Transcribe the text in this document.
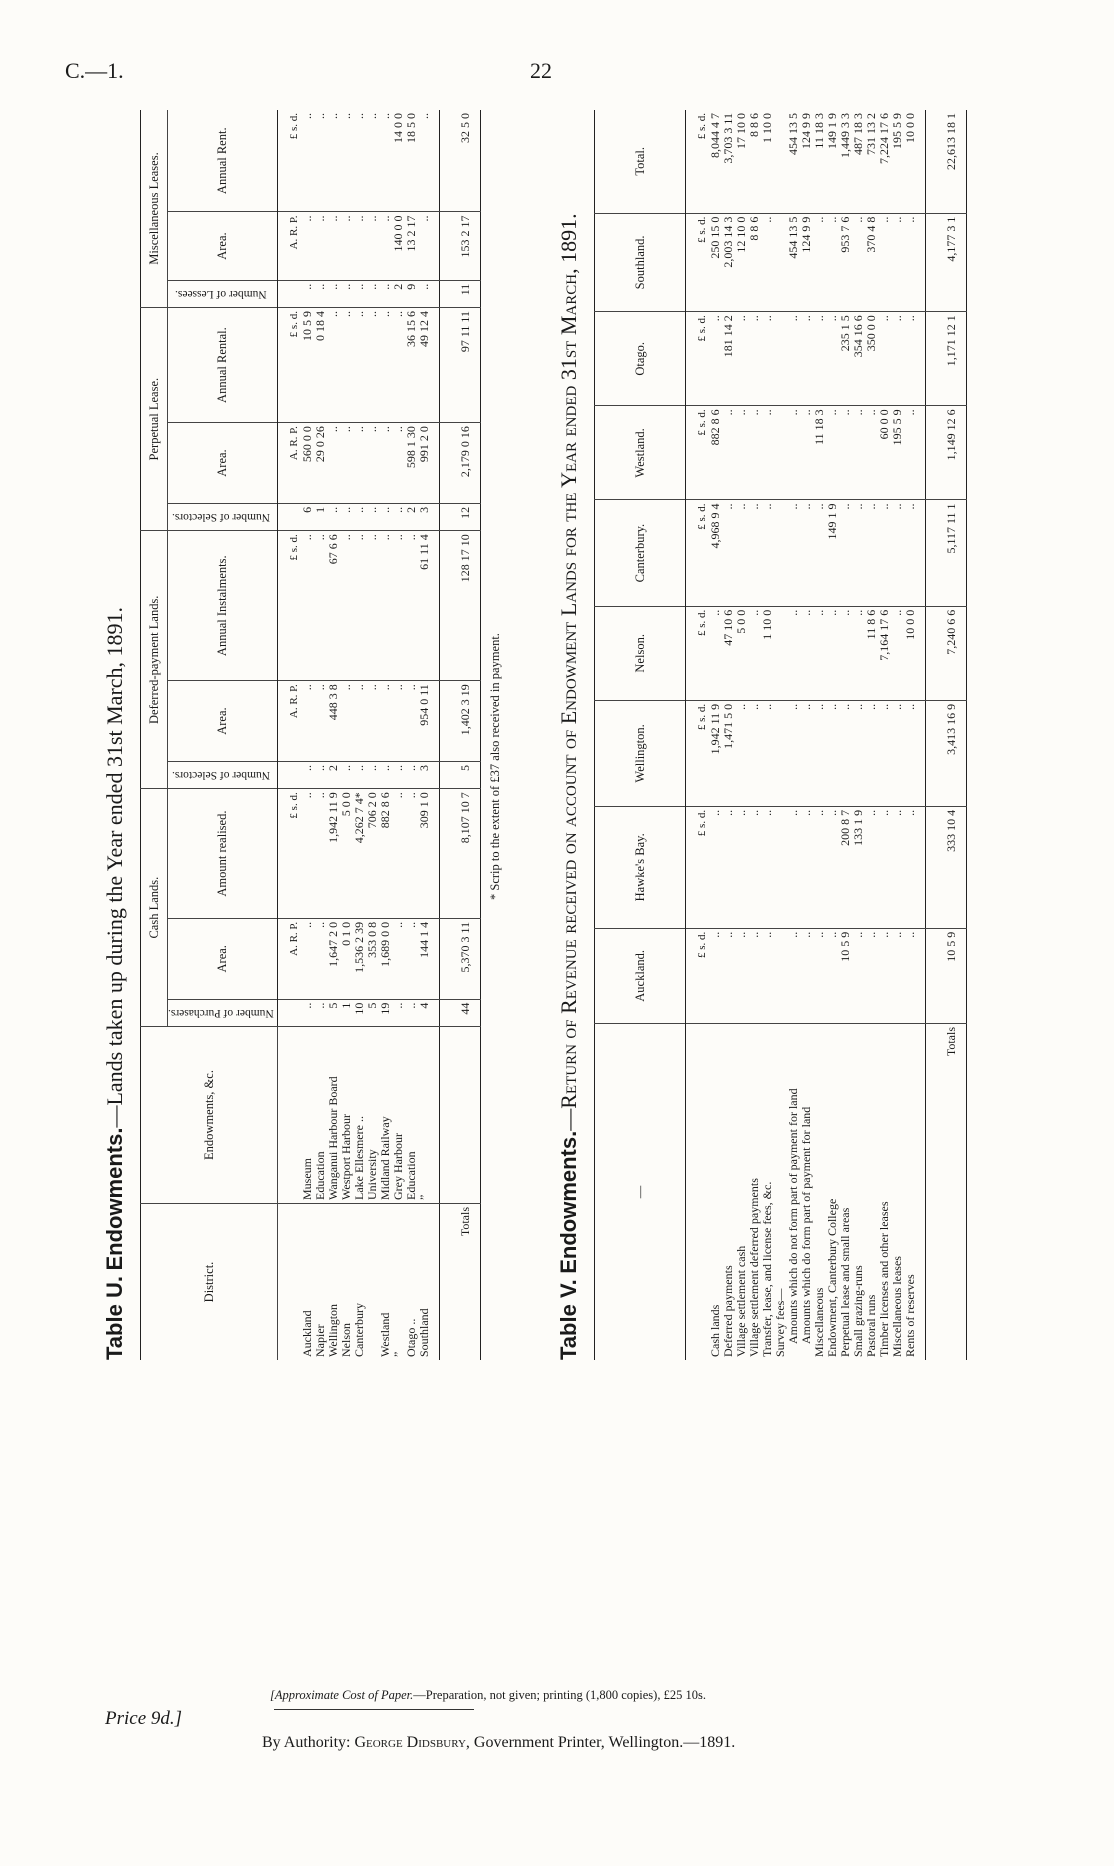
C.—1.	22
Table U. Endowments.—Lands taken up during the Year ended 31st March, 1891.
District.	Endowments, &c.	Cash Lands.			Deferred-payment Lands.			Perpetual Lease.			Miscellaneous Leases.		
		Number of Purchasers.	Area.	Amount realised.	Number of Selectors.	Area.	Annual Instalments.	Number of Selectors.	Area.	Annual Rental.	Number of Lessees.	Area.	Annual Rent.
			A. R. P.	£ s. d.		A. R. P.	£ s. d.		A. R. P.	£ s. d.		A. R. P.	£ s. d.
Auckland	Museum	..	..	..	..	..	..	6	560 0 0	10 5 9	..	..	..
Napier	Education	..	..	..	..	..	..	1	29 0 26	0 18 4	..	..	..
Wellington	Wanganui Harbour Board	5	1,647 2 0	1,942 11 9	2	448 3 8	67 6 6	..	..	..	..	..	..
Nelson	Westport Harbour	1	0 1 0	5 0 0	..	..	..	..	..	..	..	..	..
Canterbury	Lake Ellesmere ..	10	1,536 2 39	4,262 7 4*	..	..	..	..	..	..	..	..	..
	University	5	353 0 8	706 2 0	..	..	..	..	..	..	..	..	..
Westland	Midland Railway	19	1,689 0 0	882 8 6	..	..	..	..	..	..	..	..	..
”	Grey Harbour	..	..	..	..	..	..	..	..	..	2	140 0 0	14 0 0
Otago ..	Education	..	..	..	..	..	..	2	598 1 30	36 15 6	9	13 2 17	18 5 0
Southland	”	4	144 1 4	309 1 0	3	954 0 11	61 11 4	3	991 2 0	49 12 4	..	..	..
Totals		44	5,370 3 11	8,107 10 7	5	1,402 3 19	128 17 10	12	2,179 0 16	97 11 11	11	153 2 17	32 5 0
* Scrip to the extent of £37 also received in payment.
Table V. Endowments.—Return of Revenue received on account of Endowment Lands for the Year ended 31st March, 1891.
—	Auckland.	Hawke's Bay.	Wellington.	Nelson.	Canterbury.	Westland.	Otago.	Southland.	Total.
	£ s. d.	£ s. d.	£ s. d.	£ s. d.	£ s. d.	£ s. d.	£ s. d.	£ s. d.	£ s. d.
Cash lands	..	..	1,942 11 9	..	4,968 9 4	882 8 6	..	250 15 0	8,044 4 7
Deferred payments	..	..	1,471 5 0	47 10 6	..	..	181 14 2	2,003 14 3	3,703 3 11
Village settlement cash	..	..	..	5 0 0	..	..	..	12 10 0	17 10 0
Village settlement deferred payments	..	..	..	..	..	..	..	8 8 6	8 8 6
Transfer, lease, and license fees, &c.	..	..	..	1 10 0	..	..	..	..	1 10 0
Survey fees—									
Amounts which do not form part of payment for land	..	..	..	..	..	..	..	454 13 5	454 13 5
Amounts which do form part of payment for land	..	..	..	..	..	..	..	124 9 9	124 9 9
Miscellaneous	..	..	..	..	..	11 18 3	..	..	11 18 3
Endowment, Canterbury College	..	..	..	..	149 1 9	..	..	..	149 1 9
Perpetual lease and small areas	10 5 9	200 8 7	..	..	..	..	235 1 5	953 7 6	1,449 3 3
Small grazing-runs	..	133 1 9	..	..	..	..	354 16 6	..	487 18 3
Pastoral runs	..	..	..	11 8 6	..	..	350 0 0	370 4 8	731 13 2
Timber licenses and other leases	..	..	..	7,164 17 6	..	60 0 0	..	..	7,224 17 6
Miscellaneous leases	..	..	..	..	..	195 5 9	..	..	195 5 9
Rents of reserves	..	..	..	10 0 0	..	..	..	..	10 0 0
Totals	10 5 9	333 10 4	3,413 16 9	7,240 6 6	5,117 11 1	1,149 12 6	1,171 12 1	4,177 3 1	22,613 18 1
[Approximate Cost of Paper.—Preparation, not given; printing (1,800 copies), £25 10s.
Price 9d.]
By Authority: George Didsbury, Government Printer, Wellington.—1891.
